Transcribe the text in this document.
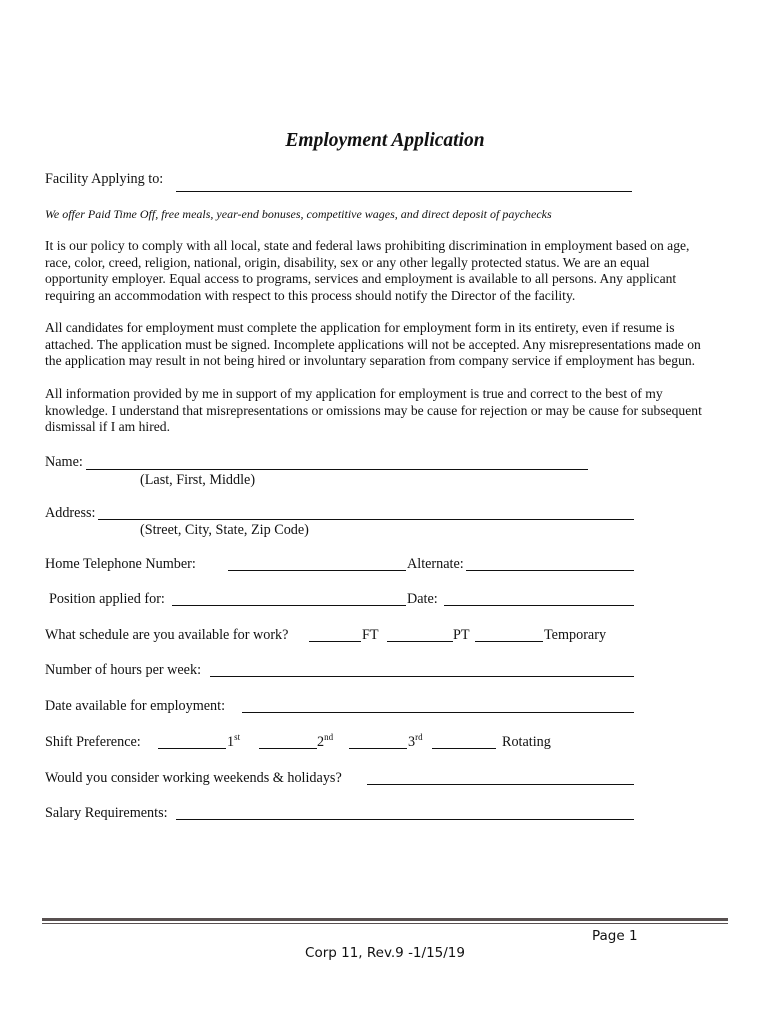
Employment Application
Facility Applying to:
We offer Paid Time Off, free meals, year-end bonuses, competitive wages, and direct deposit of paychecks
It is our policy to comply with all local, state and federal laws prohibiting discrimination in employment based on age,
race, color, creed, religion, national, origin, disability, sex or any other legally protected status. We are an equal
opportunity employer. Equal access to programs, services and employment is available to all persons. Any applicant
requiring an accommodation with respect to this process should notify the Director of the facility.
All candidates for employment must complete the application for employment form in its entirety, even if resume is
attached. The application must be signed. Incomplete applications will not be accepted. Any misrepresentations made on
the application may result in not being hired or involuntary separation from company service if employment has begun.
All information provided by me in support of my application for employment is true and correct to the best of my
knowledge. I understand that misrepresentations or omissions may be cause for rejection or may be cause for subsequent
dismissal if I am hired.
Name:
(Last, First, Middle)
Address:
(Street, City, State, Zip Code)
Home Telephone Number:	Alternate:
Position applied for:	Date:
What schedule are you available for work?	FT	PT	Temporary
Number of hours per week:
Date available for employment:
Shift Preference:	1st	2nd	3rd	Rotating
Would you consider working weekends & holidays?
Salary Requirements:
Page 1
Corp 11, Rev.9 -1/15/19
